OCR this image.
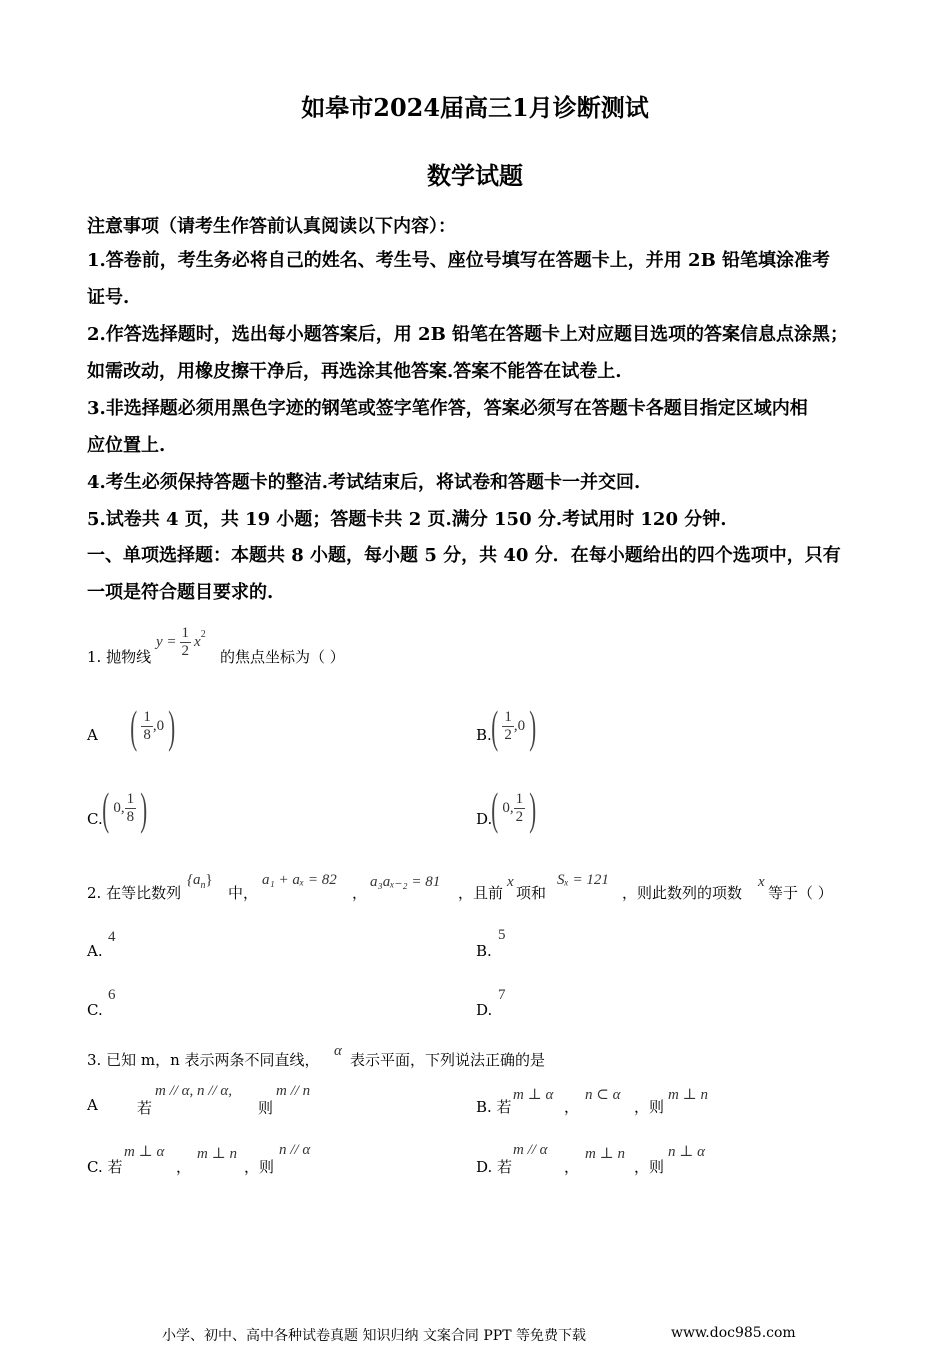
如皋市2024届高三1月诊断测试
数学试题
注意事项（请考生作答前认真阅读以下内容）：
1.答卷前，考生务必将自己的姓名、考生号、座位号填写在答题卡上，并用 2B 铅笔填涂准考
证号.
2.作答选择题时，选出每小题答案后，用 2B 铅笔在答题卡上对应题目选项的答案信息点涂黑；
如需改动，用橡皮擦干净后，再选涂其他答案.答案不能答在试卷上.
3.非选择题必须用黑色字迹的钢笔或签字笔作答，答案必须写在答题卡各题目指定区域内相
应位置上.
4.考生必须保持答题卡的整洁.考试结束后，将试卷和答题卡一并交回.
5.试卷共 4 页，共 19 小题；答题卡共 2 页.满分 150 分.考试用时 120 分钟.
一、单项选择题：本题共 8 小题，每小题 5 分，共 40 分．在每小题给出的四个选项中，只有
一项是符合题目要求的.
1. 抛物线
$y = \frac{1}{2} x^2$
的焦点坐标为（ ）
A ( $\frac{1}{8} ,0$ )	B. ( $\frac{1}{2} ,0$ )
C. ( 0, $\frac{1}{8}$ )	D.
( 0, $\frac{1}{2}$ )
2. 在等比数列
$\{a_n\}$
中，
a₁ + aₓ = 82
，
a₃aₓ₋₂ = 81
，且前
x
项和
Sₓ = 121
，则此数列的项数
x
等于（ ）
A.
4
B.
5
C.
6
D.
7
3. 已知 m，n 表示两条不同直线， α 表示平面，下列说法正确的是
A	若
m // α, n // α,
则
m // n
B. 若
m ⊥ α
，
n ⊂ α
，则
m ⊥ n
C. 若
m ⊥ α
，
m ⊥ n
，则
n // α
D. 若
m // α
，
m ⊥ n
，则
n ⊥ α
小学、初中、高中各种试卷真题 知识归纳 文案合同 PPT 等免费下载	www.doc985.com
